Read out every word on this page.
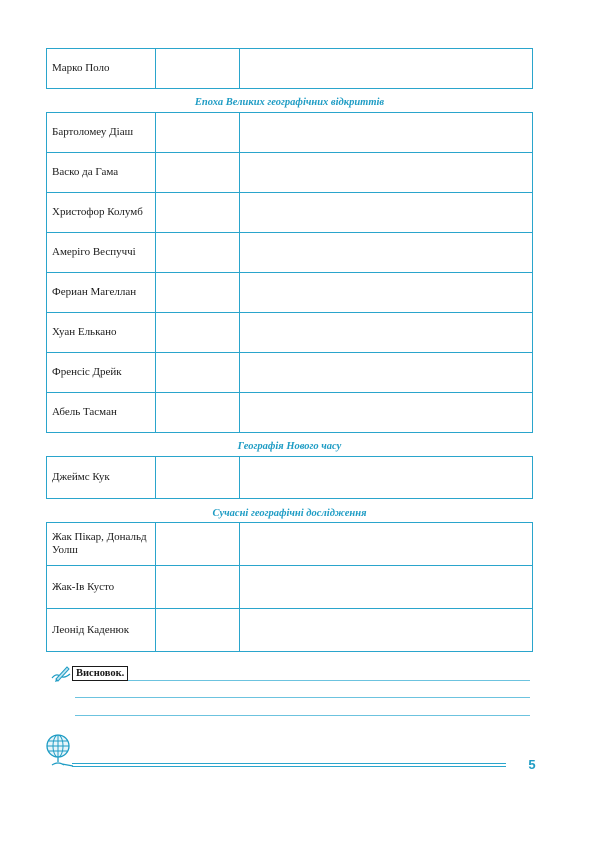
Марко Поло		
Епоха Великих географічних відкриттів
Бартоломеу Діаш		
Васко да Гама		
Христофор Колумб		
Амеріго Веспуччі		
Фериан Магеллан		
Хуан Елькано		
Френсіс Дрейк		
Абель Тасман		
Географія Нового часу
Джеймс Кук		
Сучасні географічні дослідження
Жак Пікар, Дональд Уолш		
Жак-Ів Кусто		
Леонід Каденюк		
Висновок.
5
